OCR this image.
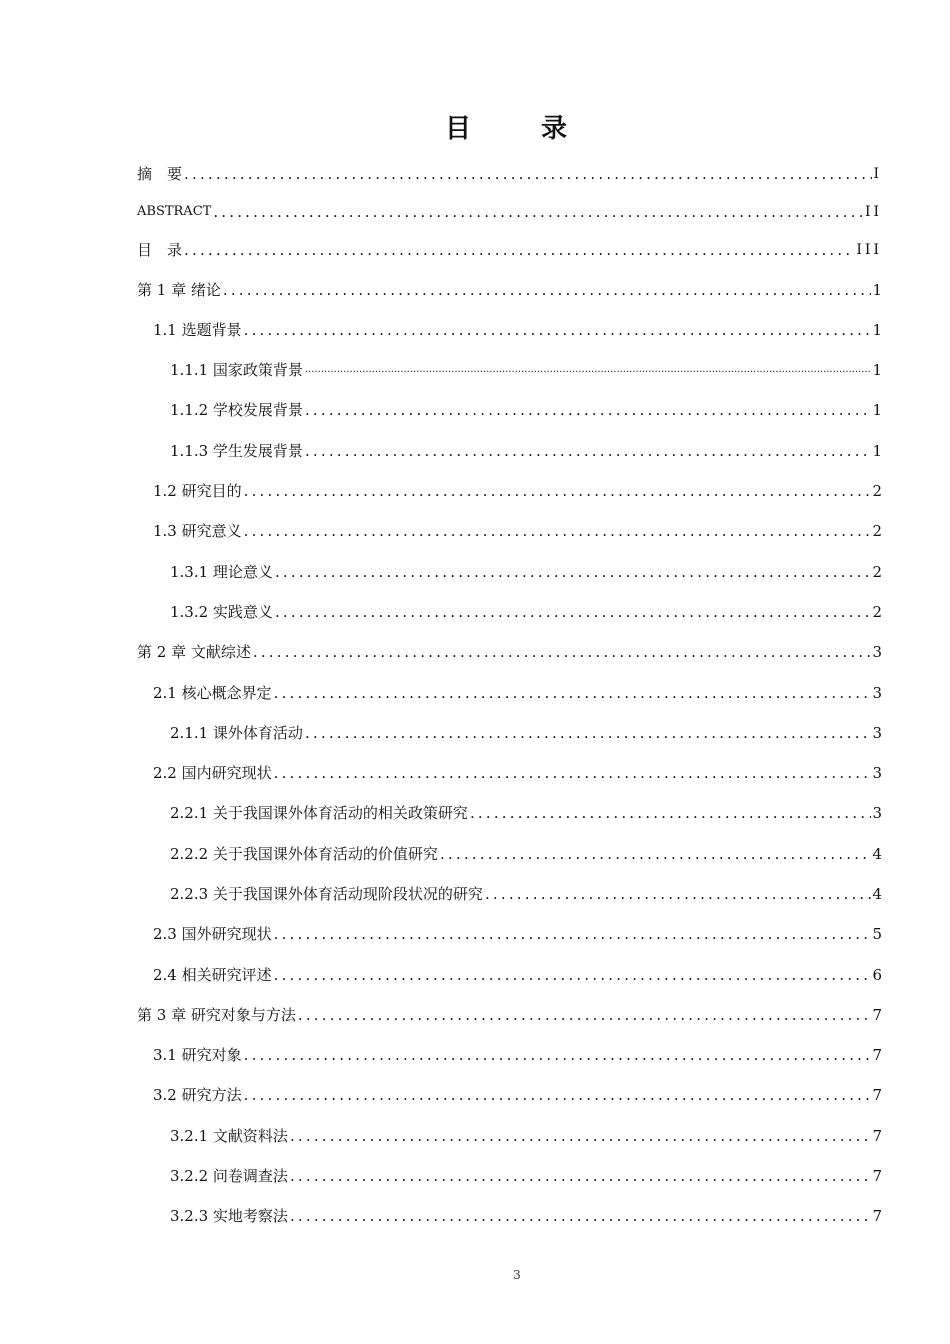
目　录
摘　要 .....	I
ABSTRACT .....	II
目　录 .....	III
第 1 章 绪论 .....	1
1.1 选题背景 .....	1
1.1.1 国家政策背景 .....	1
1.1.2 学校发展背景 .....	1
1.1.3 学生发展背景 .....	1
1.2 研究目的 .....	2
1.3 研究意义 .....	2
1.3.1 理论意义 .....	2
1.3.2 实践意义 .....	2
第 2 章 文献综述 .....	3
2.1 核心概念界定 .....	3
2.1.1 课外体育活动 .....	3
2.2 国内研究现状 .....	3
2.2.1 关于我国课外体育活动的相关政策研究 .....	3
2.2.2 关于我国课外体育活动的价值研究 .....	4
2.2.3 关于我国课外体育活动现阶段状况的研究 .....	4
2.3 国外研究现状 .....	5
2.4 相关研究评述 .....	6
第 3 章 研究对象与方法 .....	7
3.1 研究对象 .....	7
3.2 研究方法 .....	7
3.2.1 文献资料法 .....	7
3.2.2 问卷调查法 .....	7
3.2.3 实地考察法 .....	7
3
